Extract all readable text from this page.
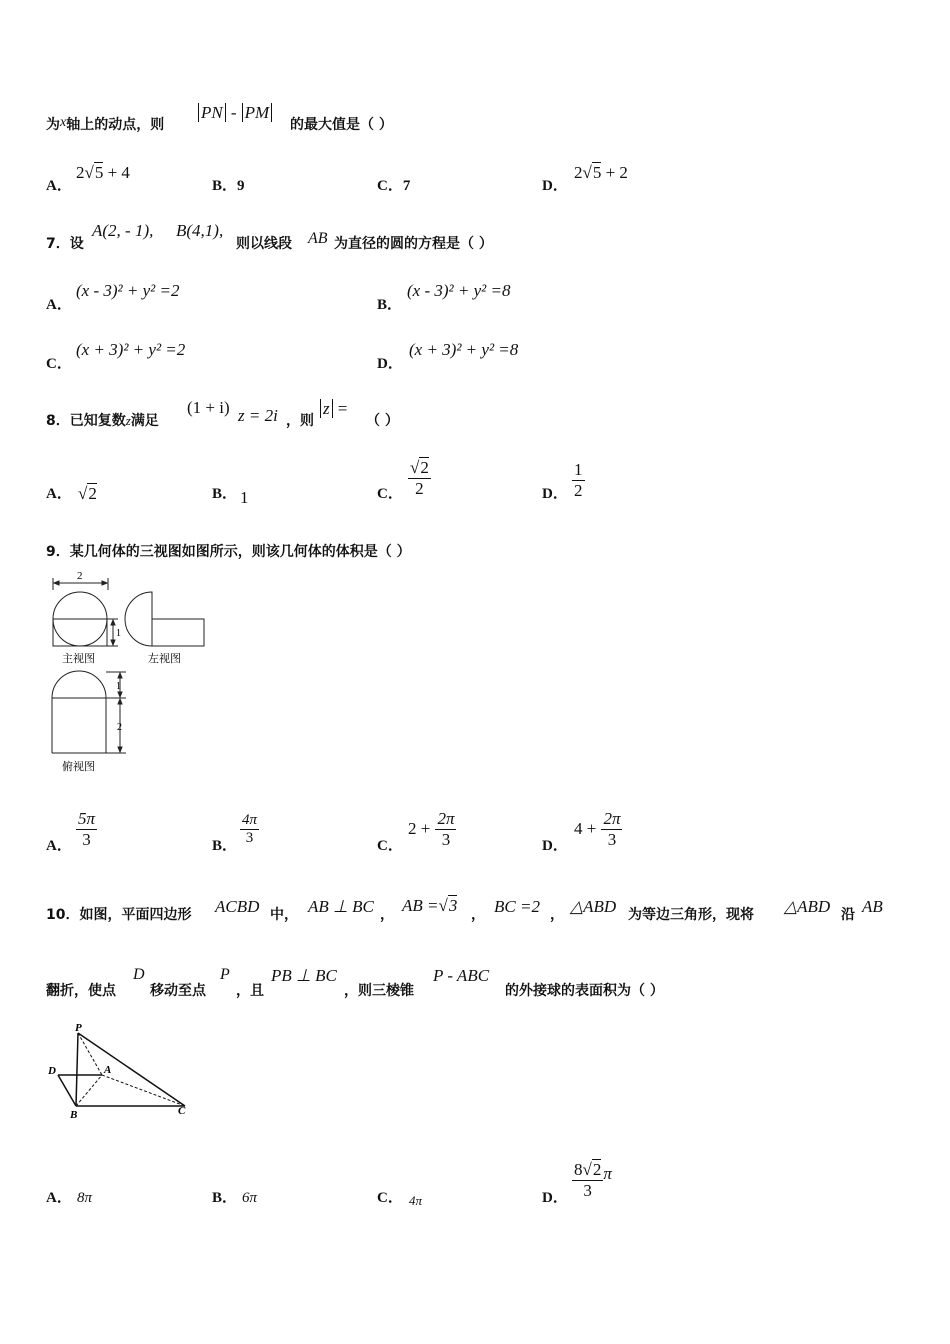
为x轴上的动点，则
PN - PM
的最大值是（ ）
A．
2√5 + 4
B．9	C．7	D．
2√5 + 2
7．设
A(2, - 1), B(4,1),
则以线段 AB 为直径的圆的方程是（ ）
A．
(x - 3)² + y² =2
B．
(x - 3)² + y² =8
C．
(x + 3)² + y² =2
D．
(x + 3)² + y² =8
8．已知复数z满足
(1 + i) z = 2i ，则
z =
（ ）
A． √2	B． 1	C． $\frac{√2}{2}$	D． $\frac{1}{2}$
9．某几何体的三视图如图所示，则该几何体的体积是（ ）
2
1
主视图	左视图
1
2
俯视图
A． $\frac{5\pi}{3}$	B． $\frac{4\pi}{3}$	C．
$2 + \frac{2\pi}{3}$	D．
$4 + \frac{2\pi}{3}$
10．如图，平面四边形 ACBD 中， AB ⊥ BC ， AB =√3 ， BC =2 ， △ABD 为等边三角形，现将 △ABD 沿 AB
翻折，使点
D
移动至点
P
，且
PB ⊥ BC
，则三棱锥
P - ABC
的外接球的表面积为（ ）
P
D	A
B	C
A． 8π	B． 6π	C． 4π	D． $\frac{8√2}{3}$ π
